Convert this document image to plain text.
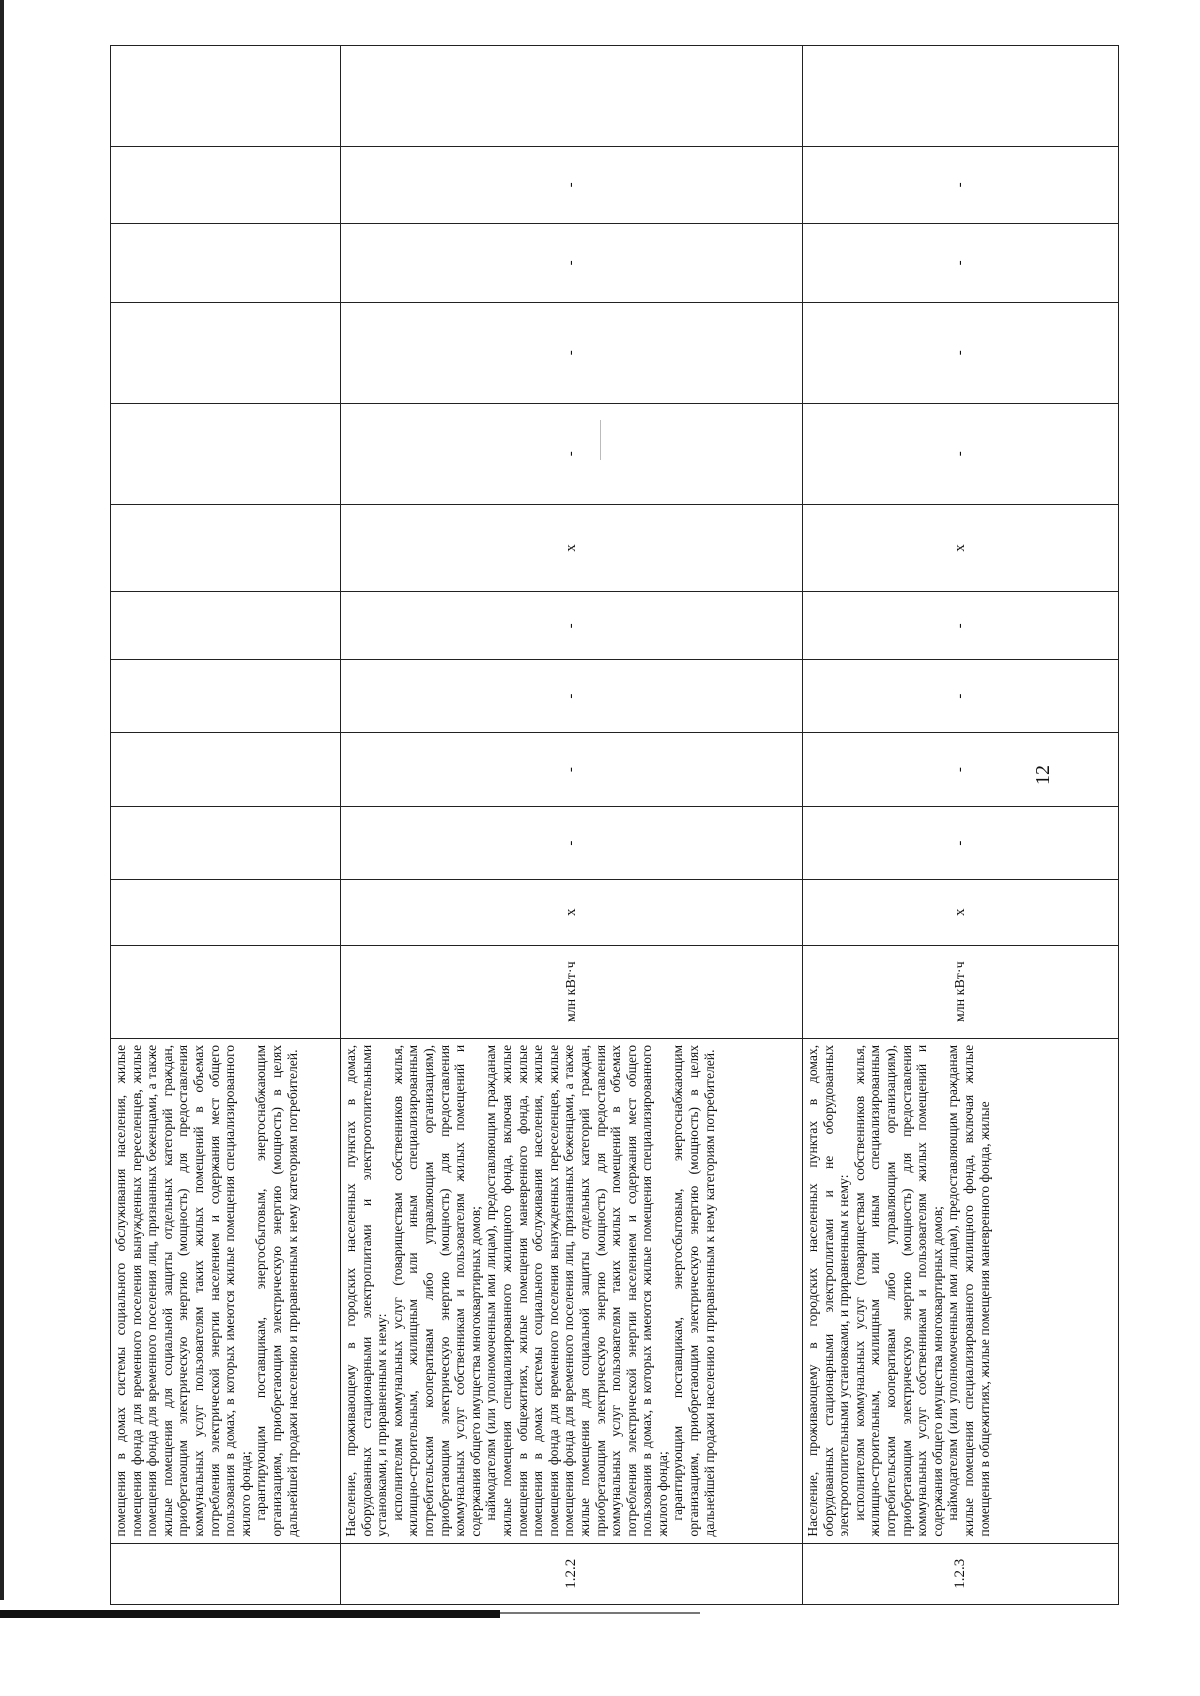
12

	помещения в домах системы социального обслуживания населения, жилые помещения фонда для временного поселения вынужденных переселенцев, жилые помещения фонда для временного поселения лиц, признанных беженцами, а также жилые помещения для социальной защиты отдельных категорий граждан, приобретающим электрическую энергию (мощность) для предоставления коммунальных услуг пользователям таких жилых помещений в объемах потребления электрической энергии населением и содержания мест общего пользования в домах, в которых имеются жилые помещения специализированного жилого фонда; гарантирующим поставщикам, энергосбытовым, энергоснабжающим организациям, приобретающим электрическую энергию (мощность) в целях дальнейшей продажи населению и приравненным к нему категориям потребителей.												

1.2.2	Население, проживающему в городских населенных пунктах в домах, оборудованных стационарными электроплитами и электроотопительными установками, и приравненным к нему: исполнителям коммунальных услуг (товариществам собственников жилья, жилищно-строительным, жилищным или иным специализированным потребительским кооперативам либо управляющим организациям), приобретающим электрическую энергию (мощность) для предоставления коммунальных услуг собственникам и пользователям жилых помещений и содержания общего имущества многоквартирных домов; наймодателям (или уполномоченным ими лицам), предоставляющим гражданам жилые помещения специализированного жилищного фонда, включая жилые помещения в общежитиях, жилые помещения маневренного фонда, жилые помещения в домах системы социального обслуживания населения, жилые помещения фонда для временного поселения вынужденных переселенцев, жилые помещения фонда для временного поселения лиц, признанных беженцами, а также жилые помещения для социальной защиты отдельных категорий граждан, приобретающим электрическую энергию (мощность) для предоставления коммунальных услуг пользователям таких жилых помещений в объемах потребления электрической энергии населением и содержания мест общего пользования в домах, в которых имеются жилые помещения специализированного жилого фонда; гарантирующим поставщикам, энергосбытовым, энергоснабжающим организациям, приобретающим электрическую энергию (мощность) в целях дальнейшей продажи населению и приравненным к нему категориям потребителей.	млн кВт·ч	x	-	-	-	-	x	-	-	-	-	
1.2.3	Население, проживающему в городских населенных пунктах в домах, оборудованных стационарными электроплитами и не оборудованных электроотопительными установками, и приравненным к нему: исполнителям коммунальных услуг (товариществам собственников жилья, жилищно-строительным, жилищным или иным специализированным потребительским кооперативам либо управляющим организациям), приобретающим электрическую энергию (мощность) для предоставления коммунальных услуг собственникам и пользователям жилых помещений и содержания общего имущества многоквартирных домов; наймодателям (или уполномоченным ими лицам), предоставляющим гражданам жилые помещения специализированного жилищного фонда, включая жилые помещения в общежитиях, жилые помещения маневренного фонда, жилые	млн кВт·ч	x	-	-	-	-	x	-	-	-	-	
